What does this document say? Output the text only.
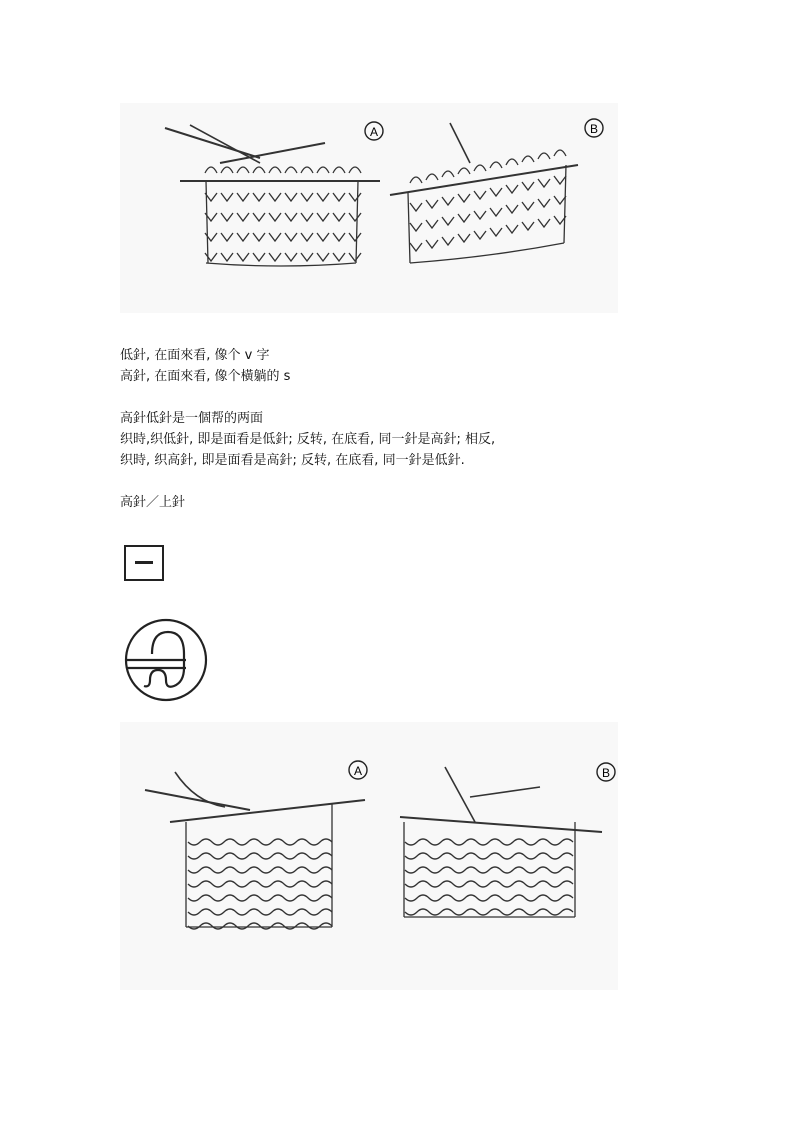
A	B
低針, 在面來看, 像个 v 字
高針, 在面來看, 像个橫躺的 s
高針低針是一個帮的两面
织時,织低針, 即是面看是低針; 反转, 在底看, 同一針是高針; 相反,
织時, 织高針, 即是面看是高針; 反转, 在底看, 同一針是低針.
高針／上針
A	B
